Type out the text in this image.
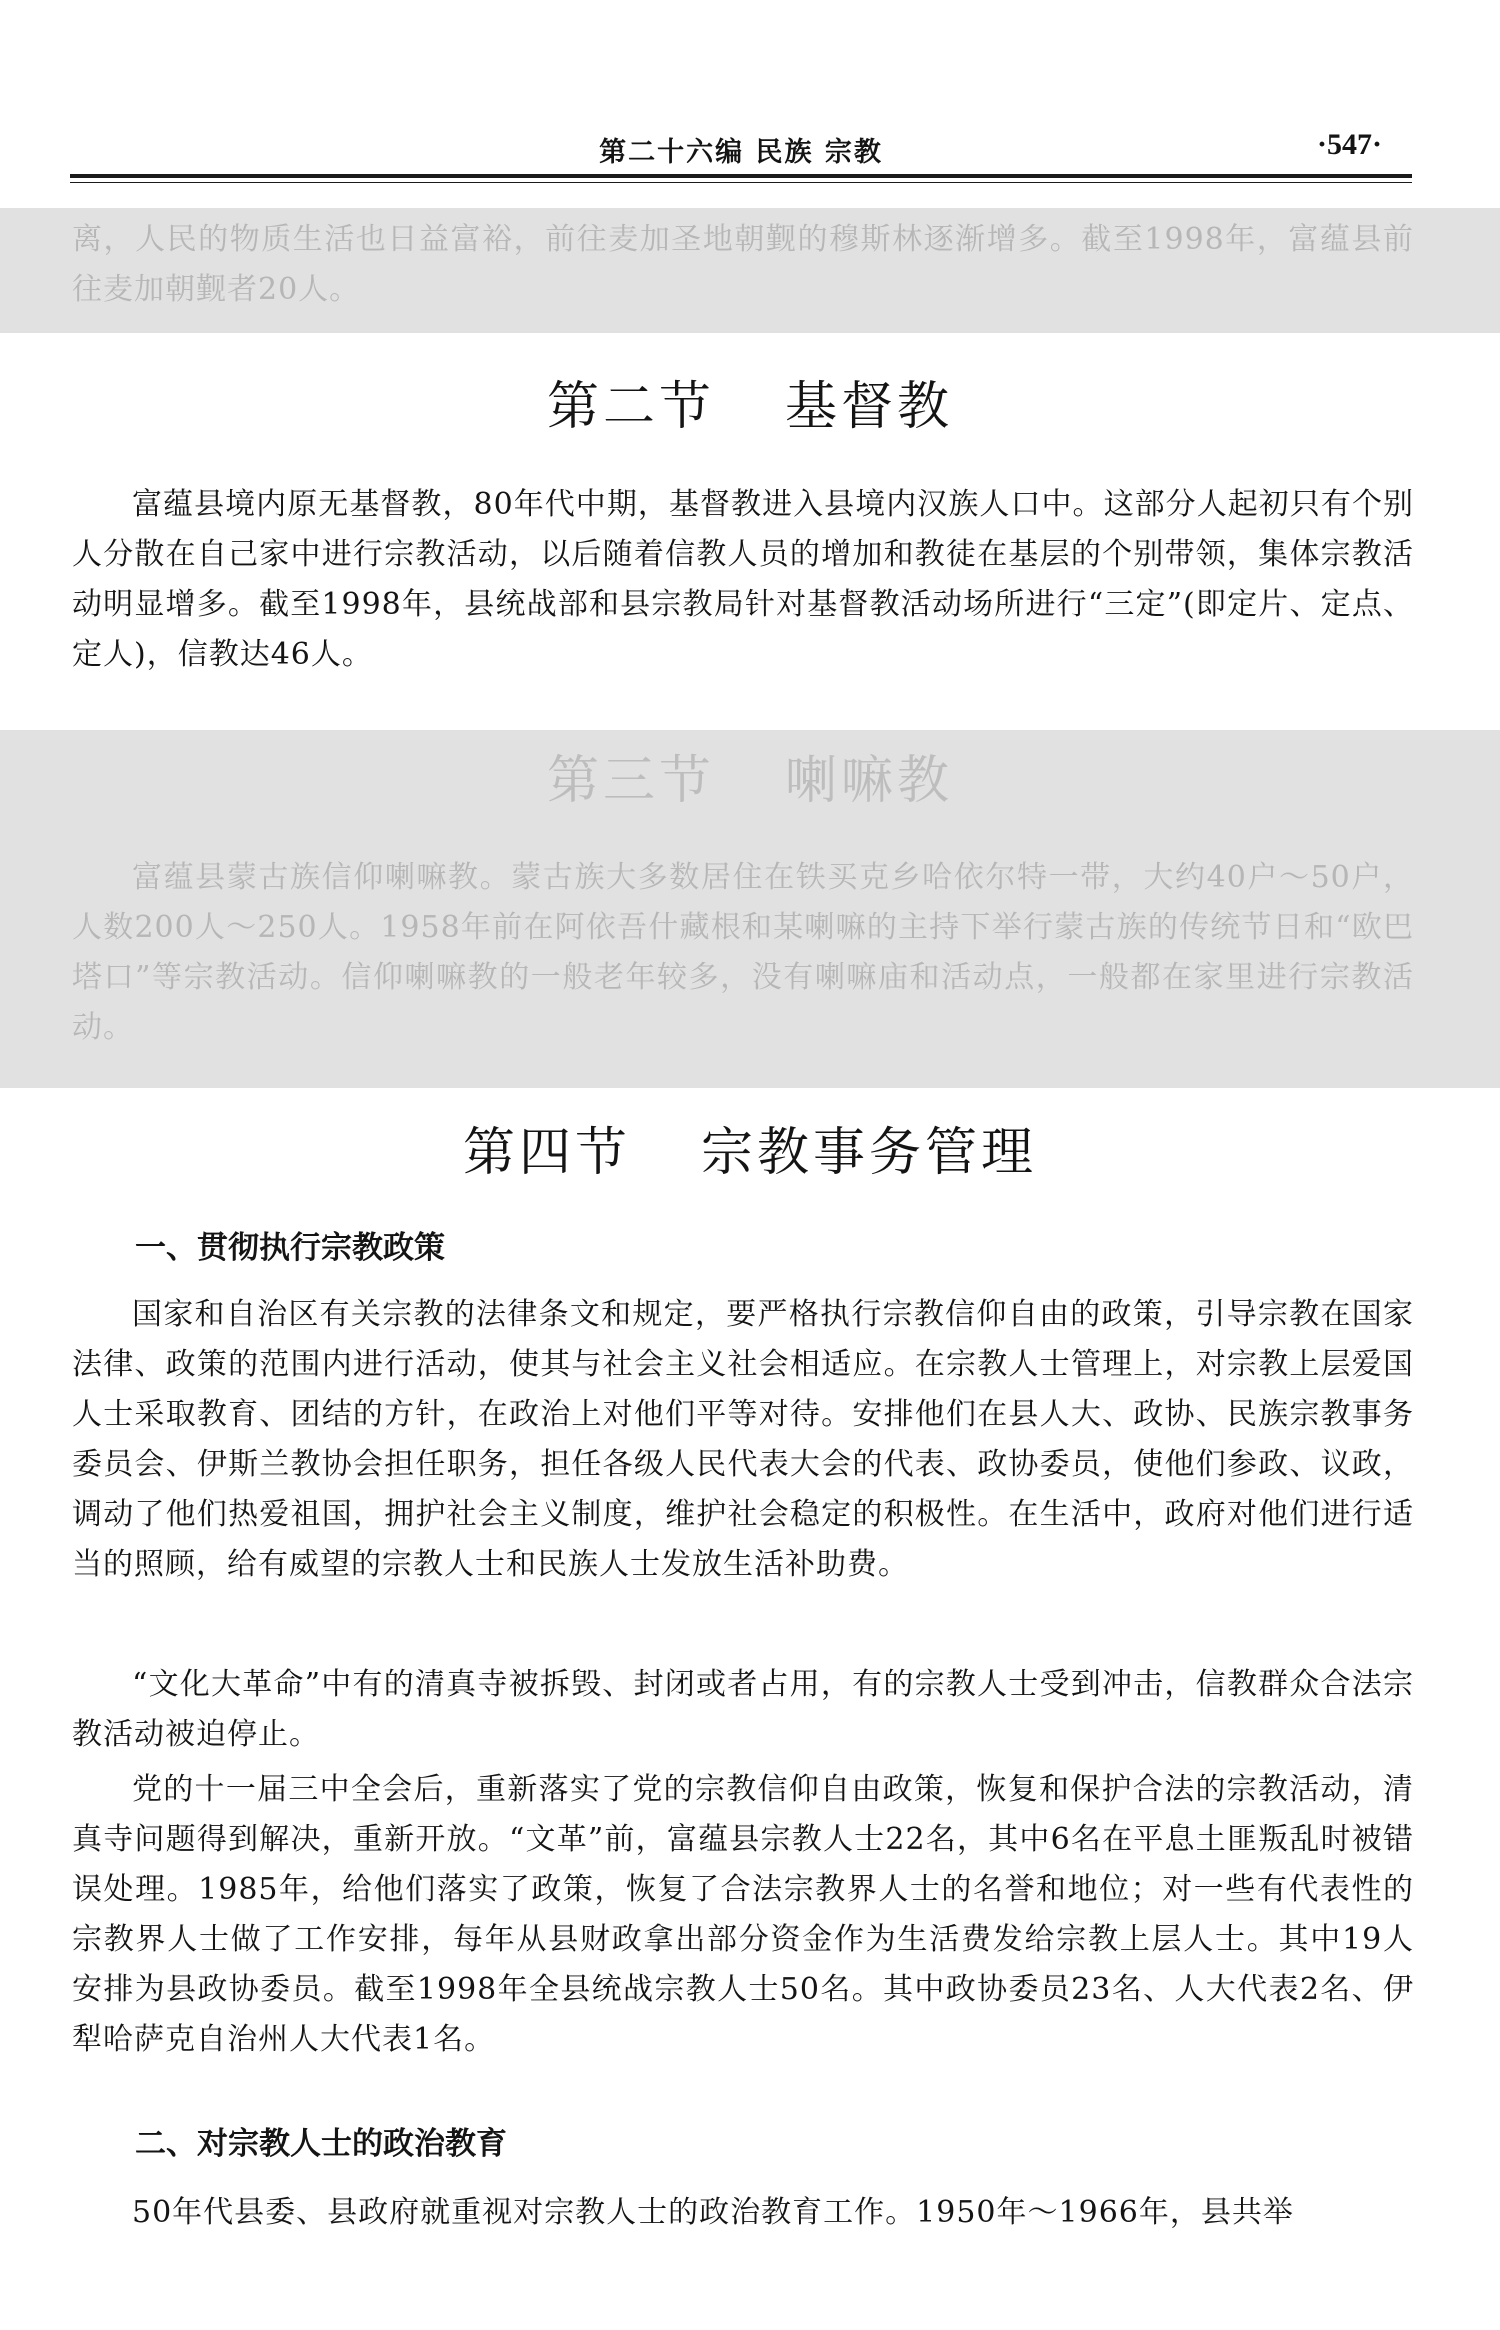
第二十六编 民族 宗教	·547·

离，人民的物质生活也日益富裕，前往麦加圣地朝觐的穆斯林逐渐增多。截至1998年，富蕴县前往麦加朝觐者20人。

第二节 基督教

富蕴县境内原无基督教，80年代中期，基督教进入县境内汉族人口中。这部分人起初只有个别人分散在自己家中进行宗教活动，以后随着信教人员的增加和教徒在基层的个别带领，集体宗教活动明显增多。截至1998年，县统战部和县宗教局针对基督教活动场所进行“三定”(即定片、定点、定人)，信教达46人。

第三节 喇嘛教

富蕴县蒙古族信仰喇嘛教。蒙古族大多数居住在铁买克乡哈依尔特一带，大约40户～50户，人数200人～250人。1958年前在阿依吾什藏根和某喇嘛的主持下举行蒙古族的传统节日和“欧巴塔口”等宗教活动。信仰喇嘛教的一般老年较多，没有喇嘛庙和活动点，一般都在家里进行宗教活动。

第四节 宗教事务管理
一、贯彻执行宗教政策

国家和自治区有关宗教的法律条文和规定，要严格执行宗教信仰自由的政策，引导宗教在国家法律、政策的范围内进行活动，使其与社会主义社会相适应。在宗教人士管理上，对宗教上层爱国人士采取教育、团结的方针，在政治上对他们平等对待。安排他们在县人大、政协、民族宗教事务委员会、伊斯兰教协会担任职务，担任各级人民代表大会的代表、政协委员，使他们参政、议政，调动了他们热爱祖国，拥护社会主义制度，维护社会稳定的积极性。在生活中，政府对他们进行适当的照顾，给有威望的宗教人士和民族人士发放生活补助费。

“文化大革命”中有的清真寺被拆毁、封闭或者占用，有的宗教人士受到冲击，信教群众合法宗教活动被迫停止。

党的十一届三中全会后，重新落实了党的宗教信仰自由政策，恢复和保护合法的宗教活动，清真寺问题得到解决，重新开放。“文革”前，富蕴县宗教人士22名，其中6名在平息土匪叛乱时被错误处理。1985年，给他们落实了政策，恢复了合法宗教界人士的名誉和地位；对一些有代表性的宗教界人士做了工作安排，每年从县财政拿出部分资金作为生活费发给宗教上层人士。其中19人安排为县政协委员。截至1998年全县统战宗教人士50名。其中政协委员23名、人大代表2名、伊犁哈萨克自治州人大代表1名。

二、对宗教人士的政治教育

50年代县委、县政府就重视对宗教人士的政治教育工作。1950年～1966年，县共举
